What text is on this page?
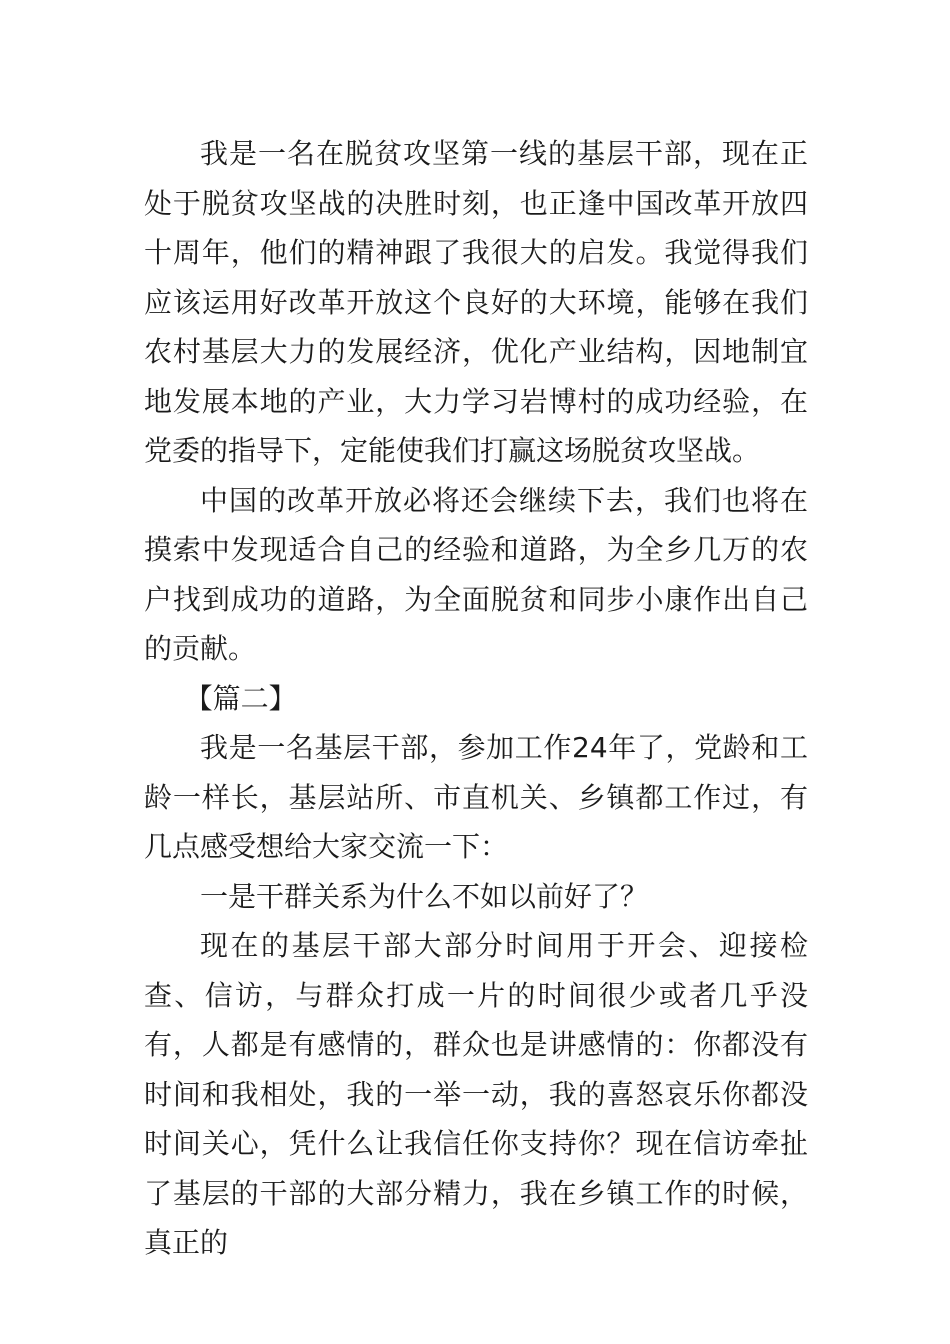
我是一名在脱贫攻坚第一线的基层干部，现在正处于脱贫攻坚战的决胜时刻，也正逢中国改革开放四十周年，他们的精神跟了我很大的启发。我觉得我们应该运用好改革开放这个良好的大环境，能够在我们农村基层大力的发展经济，优化产业结构，因地制宜地发展本地的产业，大力学习岩博村的成功经验，在党委的指导下，定能使我们打赢这场脱贫攻坚战。

中国的改革开放必将还会继续下去，我们也将在摸索中发现适合自己的经验和道路，为全乡几万的农户找到成功的道路，为全面脱贫和同步小康作出自己的贡献。

【篇二】

我是一名基层干部，参加工作24年了，党龄和工龄一样长，基层站所、市直机关、乡镇都工作过，有几点感受想给大家交流一下：

一是干群关系为什么不如以前好了？

现在的基层干部大部分时间用于开会、迎接检查、信访，与群众打成一片的时间很少或者几乎没有，人都是有感情的，群众也是讲感情的：你都没有时间和我相处，我的一举一动，我的喜怒哀乐你都没时间关心，凭什么让我信任你支持你？现在信访牵扯了基层的干部的大部分精力，我在乡镇工作的时候，真正的
